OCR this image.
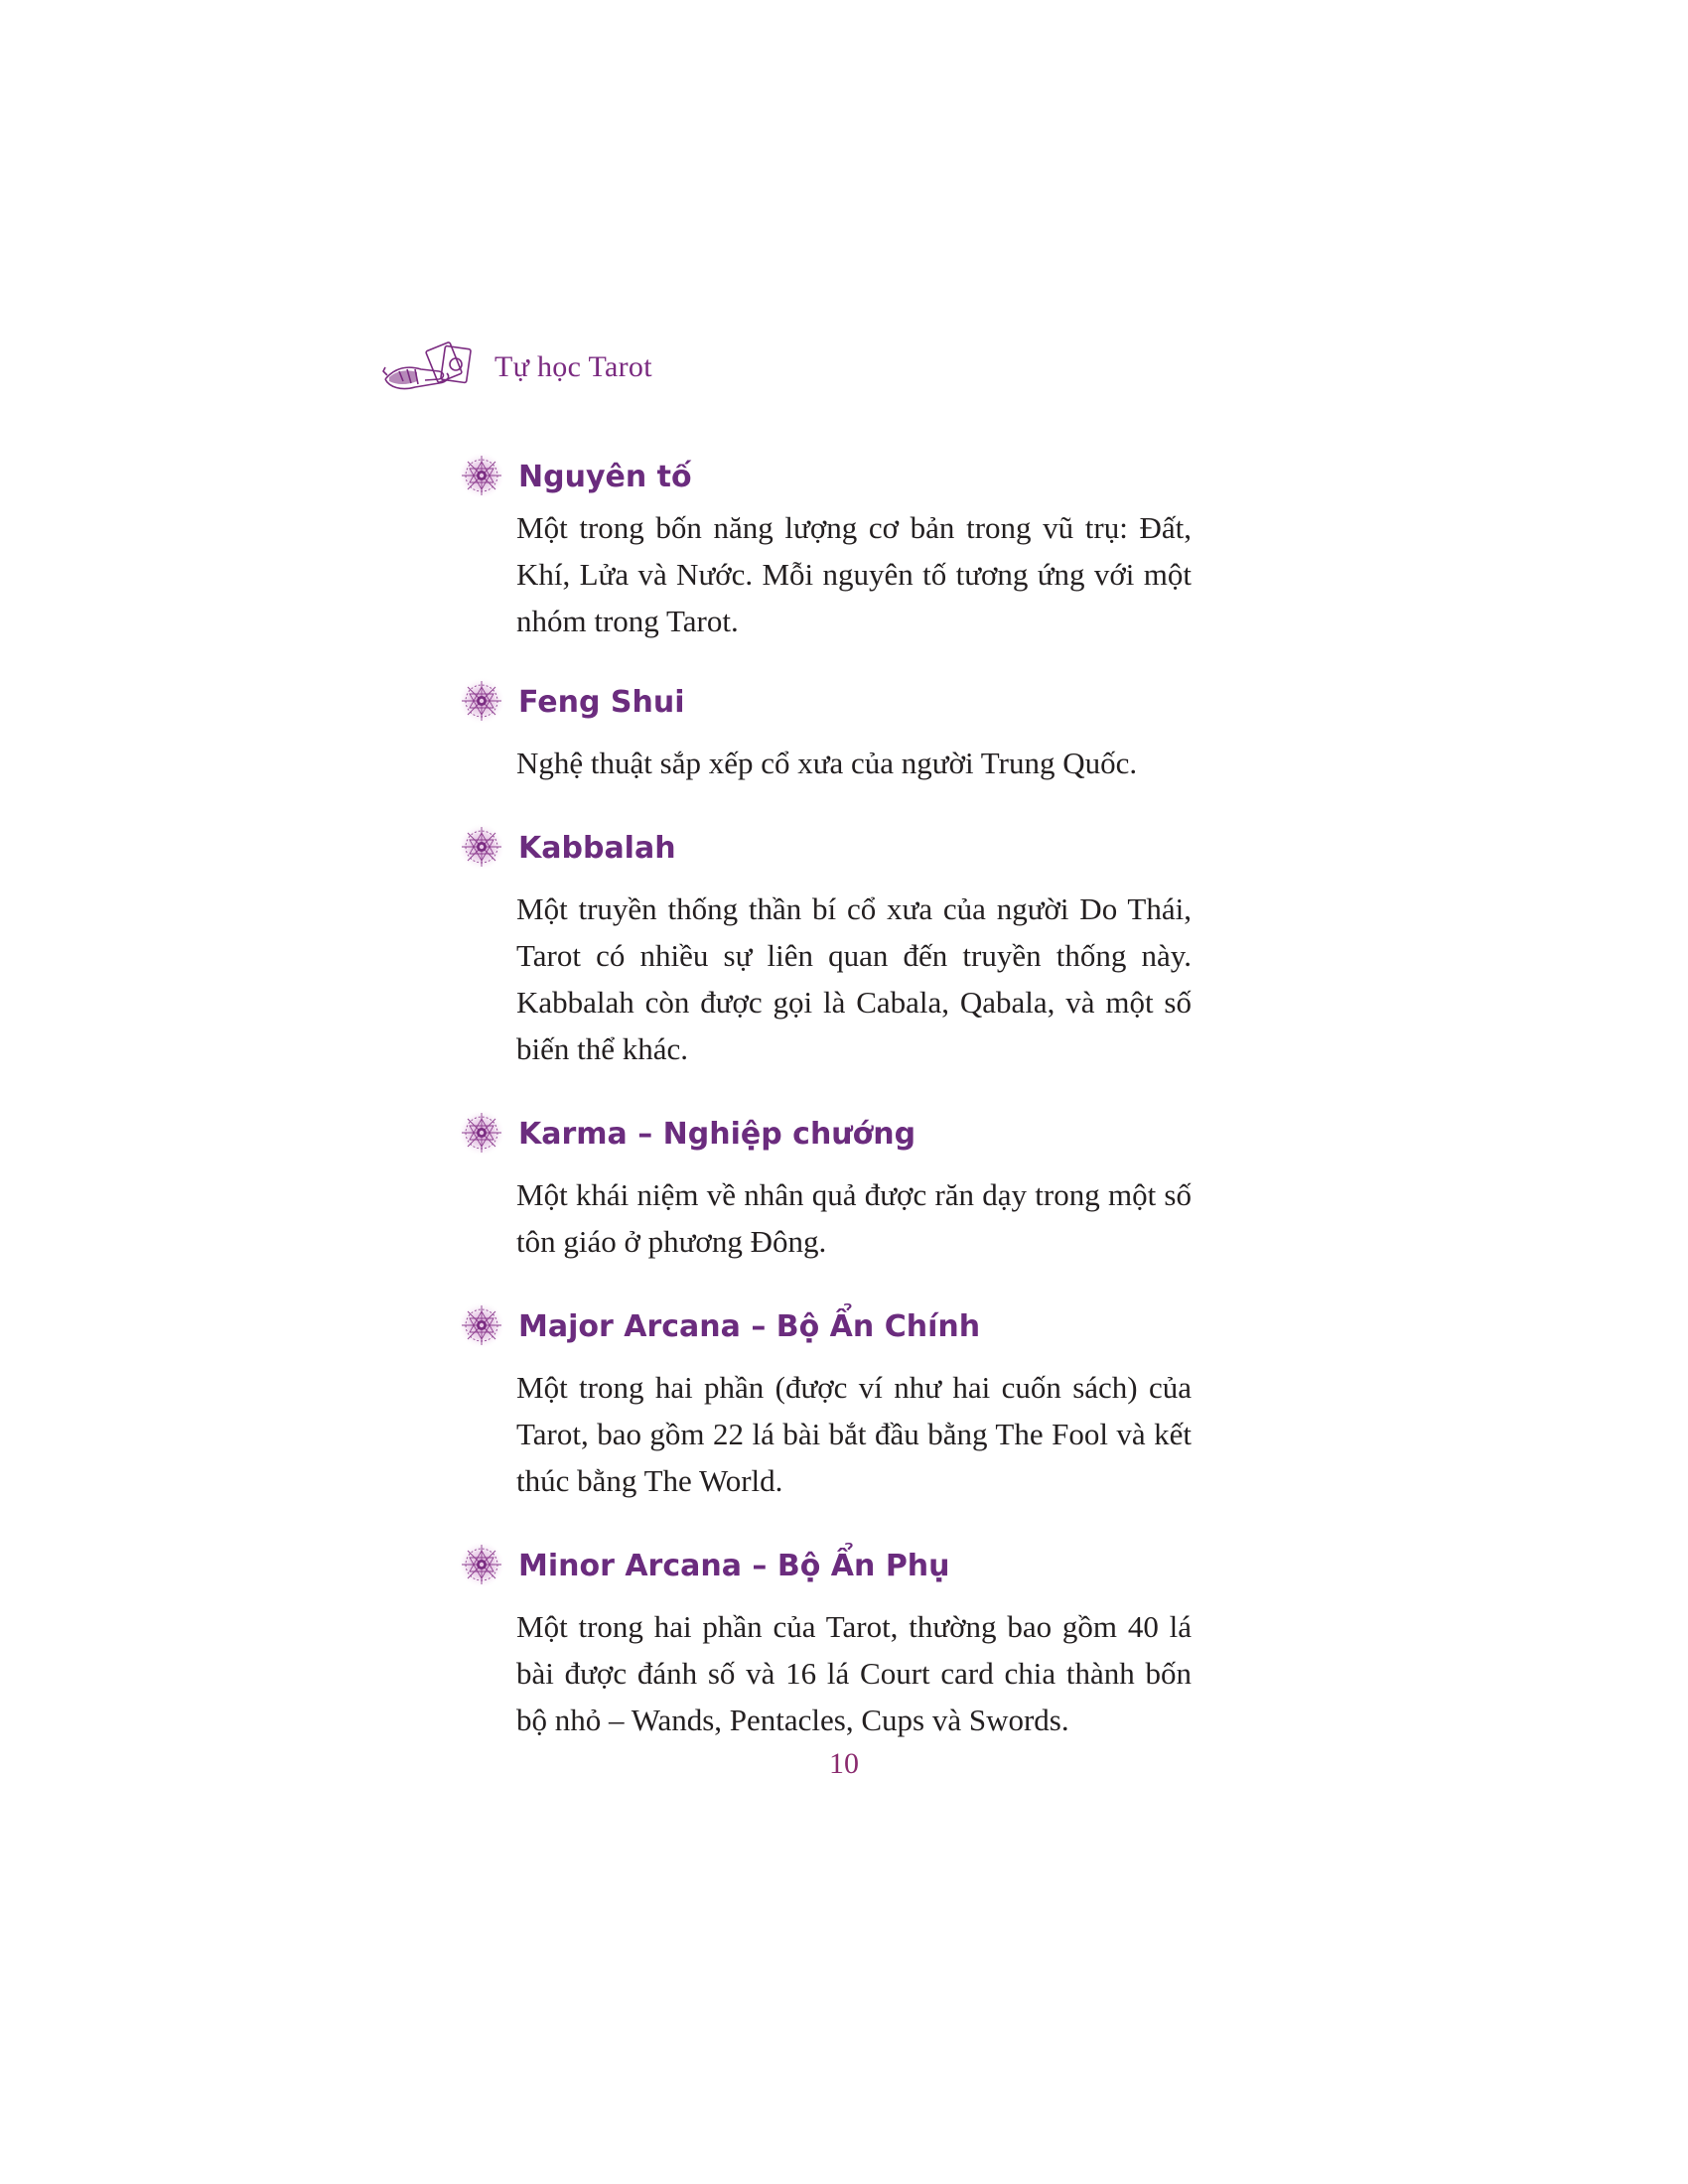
Tự học Tarot
Nguyên tố
Một trong bốn năng lượng cơ bản trong vũ trụ: Đất, Khí, Lửa và Nước. Mỗi nguyên tố tương ứng với một nhóm trong Tarot.
Feng Shui
Nghệ thuật sắp xếp cổ xưa của người Trung Quốc.
Kabbalah
Một truyền thống thần bí cổ xưa của người Do Thái, Tarot có nhiều sự liên quan đến truyền thống này. Kabbalah còn được gọi là Cabala, Qabala, và một số biến thể khác.
Karma – Nghiệp chướng
Một khái niệm về nhân quả được răn dạy trong một số tôn giáo ở phương Đông.
Major Arcana – Bộ Ẩn Chính
Một trong hai phần (được ví như hai cuốn sách) của Tarot, bao gồm 22 lá bài bắt đầu bằng The Fool và kết thúc bằng The World.
Minor Arcana – Bộ Ẩn Phụ
Một trong hai phần của Tarot, thường bao gồm 40 lá bài được đánh số và 16 lá Court card chia thành bốn bộ nhỏ – Wands, Pentacles, Cups và Swords.
10
